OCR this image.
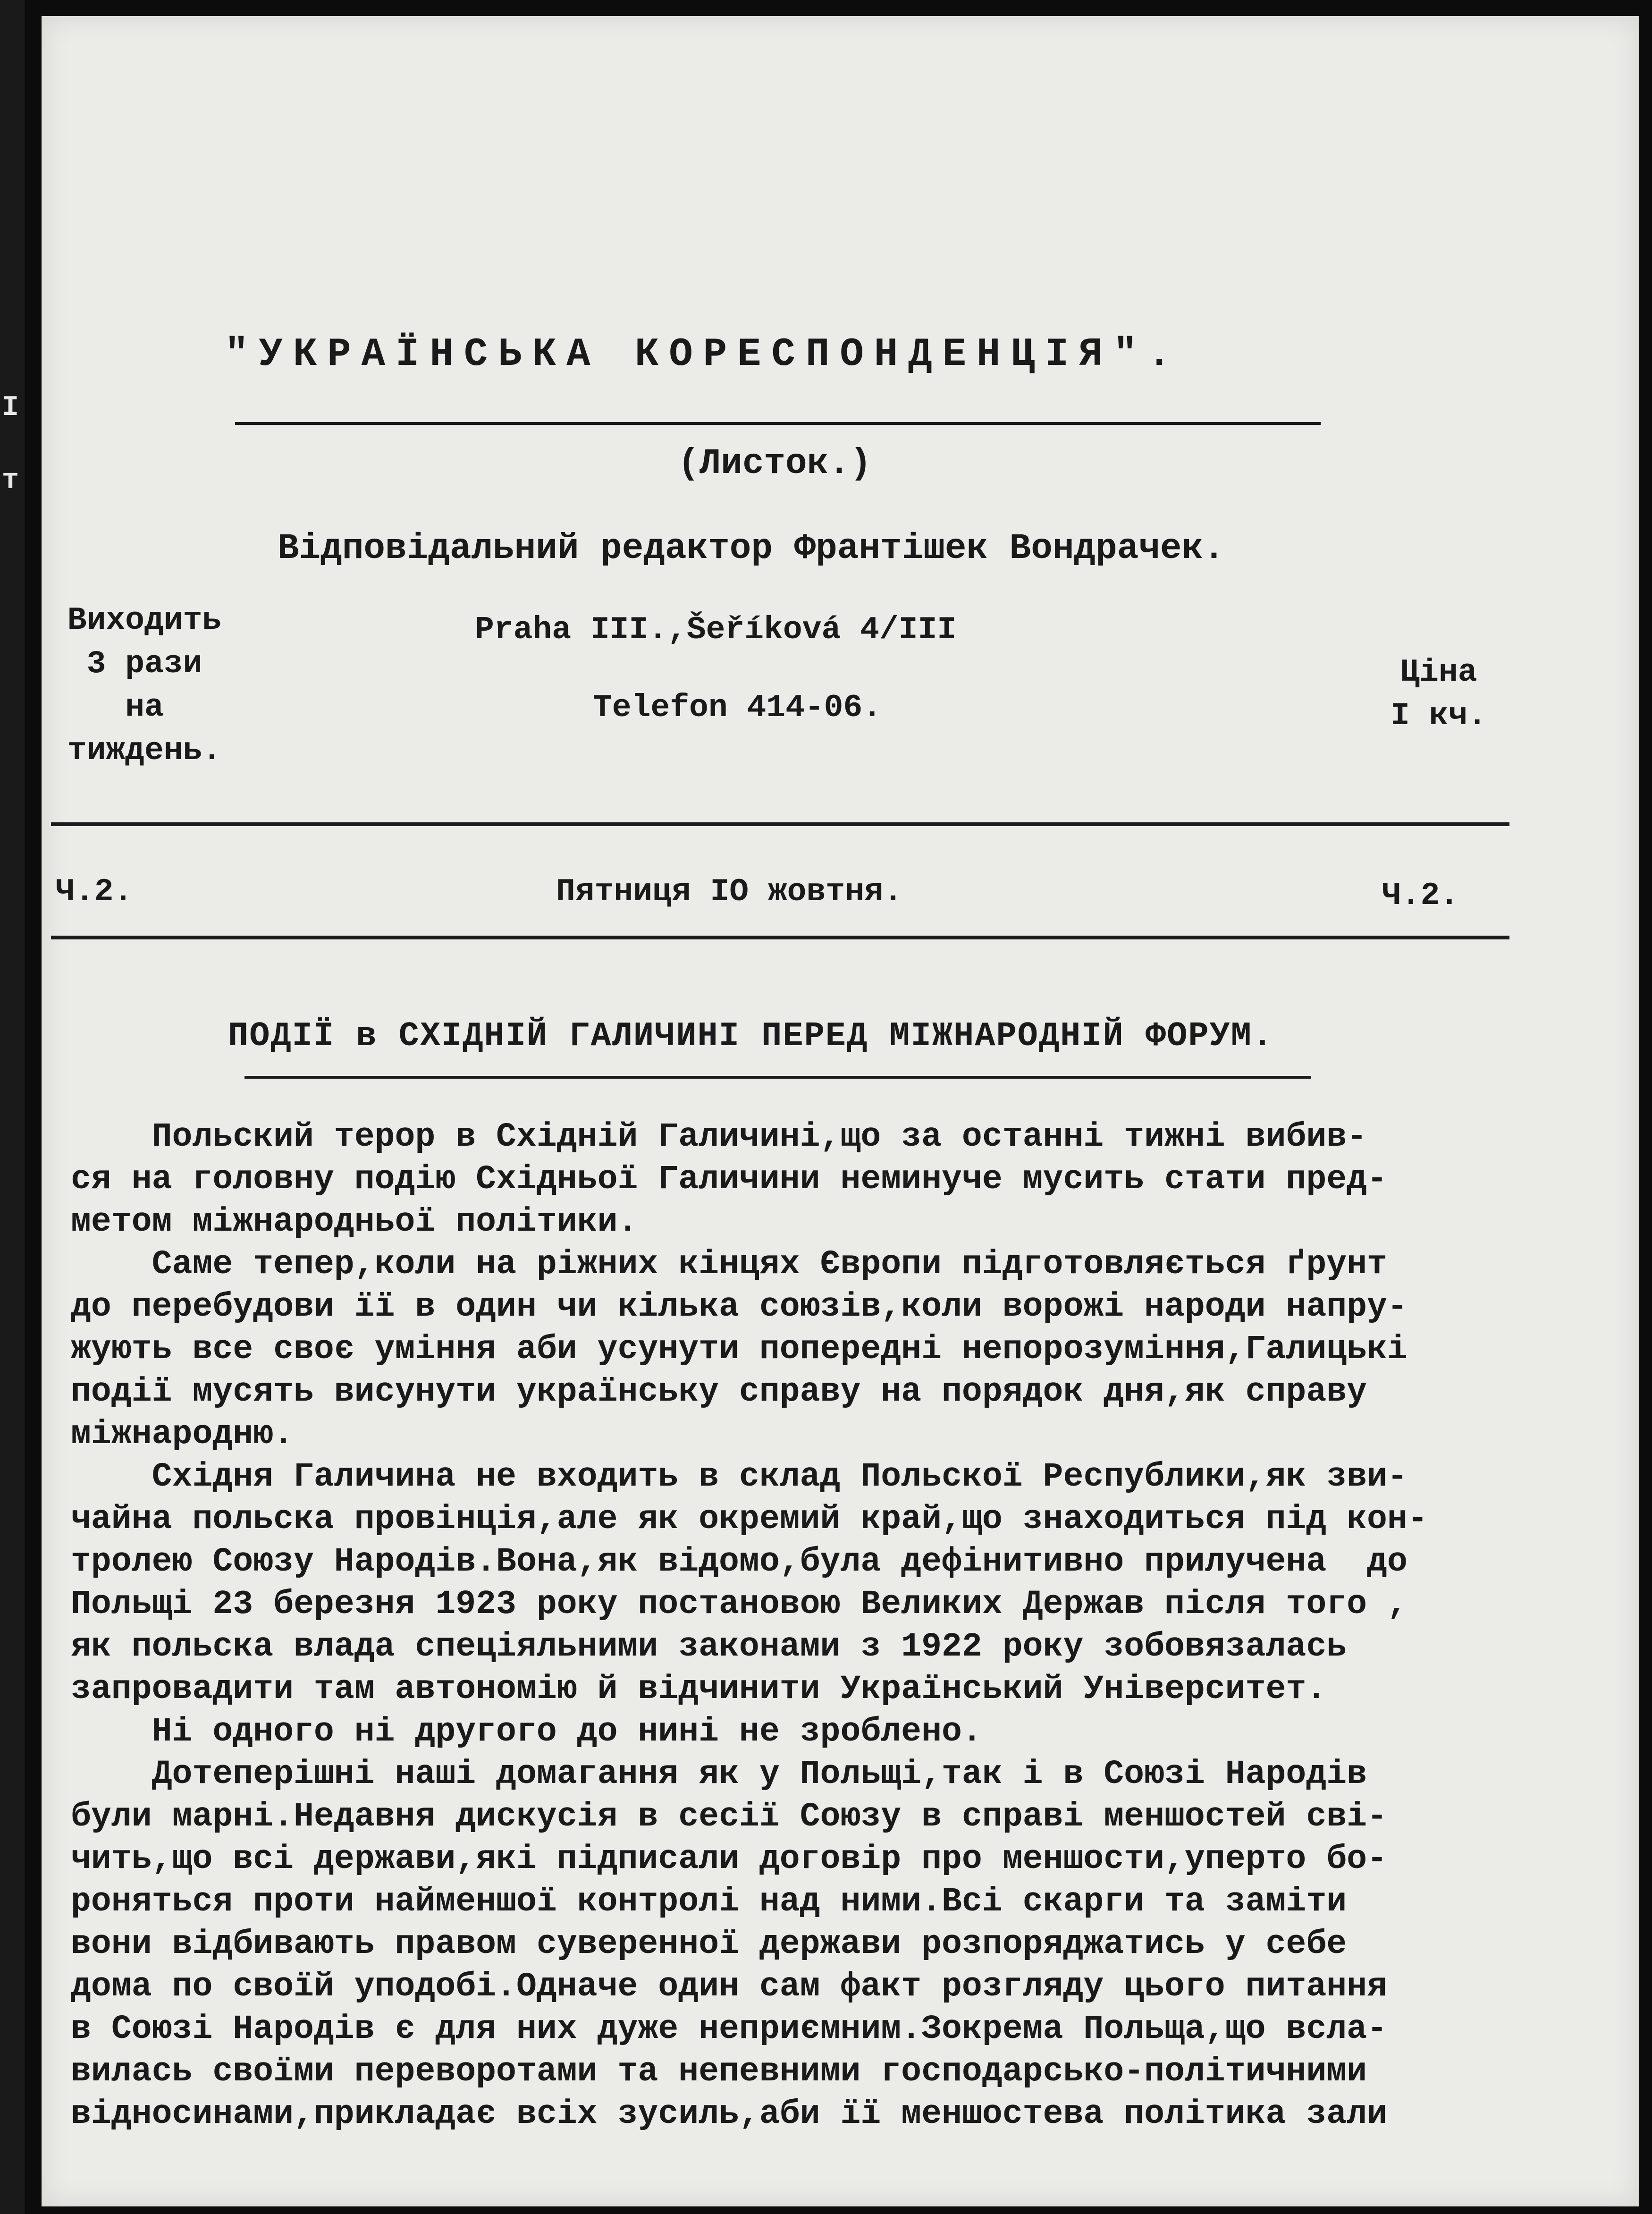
I
т
"УКРАЇНСЬКА КОРЕСПОНДЕНЦІЯ".
(Листок.)
Відповідальний редактор Франтішек Вондрачек.
Виходить
3 рази
на
тиждень.
Praha III.,Šeříková 4/III
Telefon 414-06.
Ціна
I кч.
Ч.2.	Пятниця IO жовтня.	Ч.2.
ПОДІЇ в СХІДНІЙ ГАЛИЧИНІ ПЕРЕД МІЖНАРОДНІЙ ФОРУМ.

Польский терор в Східній Галичині,що за останні тижні вибив-

ся на головну подію Східньої Галичини неминуче мусить стати пред-

метом міжнародньої політики.

Саме тепер,коли на ріжних кінцях Європи підготовляється ґрунт

до перебудови її в один чи кілька союзів,коли ворожі народи напру-

жують все своє уміння аби усунути попередні непорозуміння,Галицькі

події мусять висунути українську справу на порядок дня,як справу

міжнародню.

Східня Галичина не входить в склад Польскої Республики,як зви-

чайна польска провінція,але як окремий край,що знаходиться під кон-

тролею Союзу Народів.Вона,як відомо,була дефінитивно прилучена  до

Польщі 23 березня 1923 року постановою Великих Держав після того ,

як польска влада спеціяльними законами з 1922 року зобовязалась

запровадити там автономію й відчинити Український Університет.

Ні одного ні другого до нині не зроблено.

Дотеперішні наші домагання як у Польщі,так і в Союзі Народів

були марні.Недавня дискусія в сесії Союзу в справі меншостей сві-

чить,що всі держави,які підписали договір про меншости,уперто бо-

роняться проти найменшої контролі над ними.Всі скарги та заміти

вони відбивають правом суверенної держави розпоряджатись у себе

дома по своїй уподобі.Одначе один сам факт розгляду цього питання

в Союзі Народів є для них дуже неприємним.Зокрема Польща,що всла-

вилась своїми переворотами та непевними господарсько-політичними

відносинами,прикладає всіх зусиль,аби її меншостева політика зали
